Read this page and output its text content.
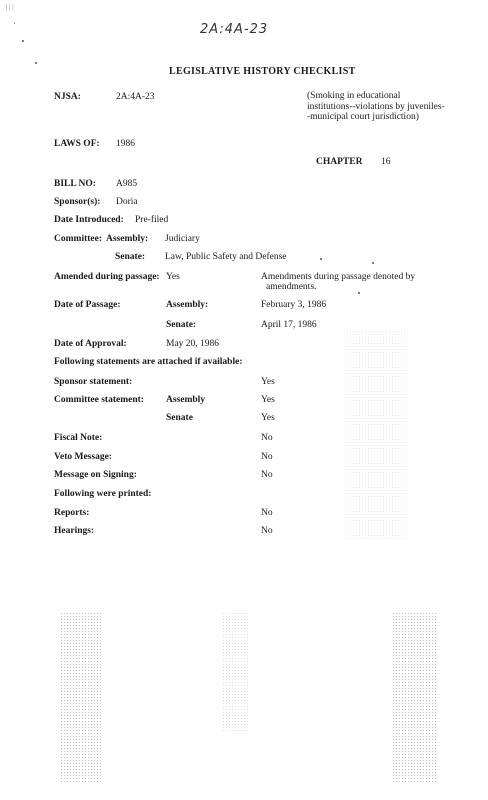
| | |
2A:4A-23
LEGISLATIVE HISTORY CHECKLIST
NJSA:	2A:4A-23	(Smoking in educational institutions--violations by juveniles--municipal court jurisdiction)
LAWS OF: 1986
CHAPTER 16
BILL NO: A985
Sponsor(s): Doria
Date Introduced: Pre-filed
Committee: Assembly: Judiciary
Senate: Law, Public Safety and Defense
Amended during passage: Yes	Amendments during passage denoted by
amendments.
Date of Passage:	Assembly:	February 3, 1986
Senate:	April 17, 1986
Date of Approval:	May 20, 1986
Following statements are attached if available:
Sponsor statement:	Yes
Committee statement: Assembly	Yes
Senate	Yes
Fiscal Note:	No
Veto Message:	No
Message on Signing:	No
Following were printed:
Reports:	No
Hearings:	No
